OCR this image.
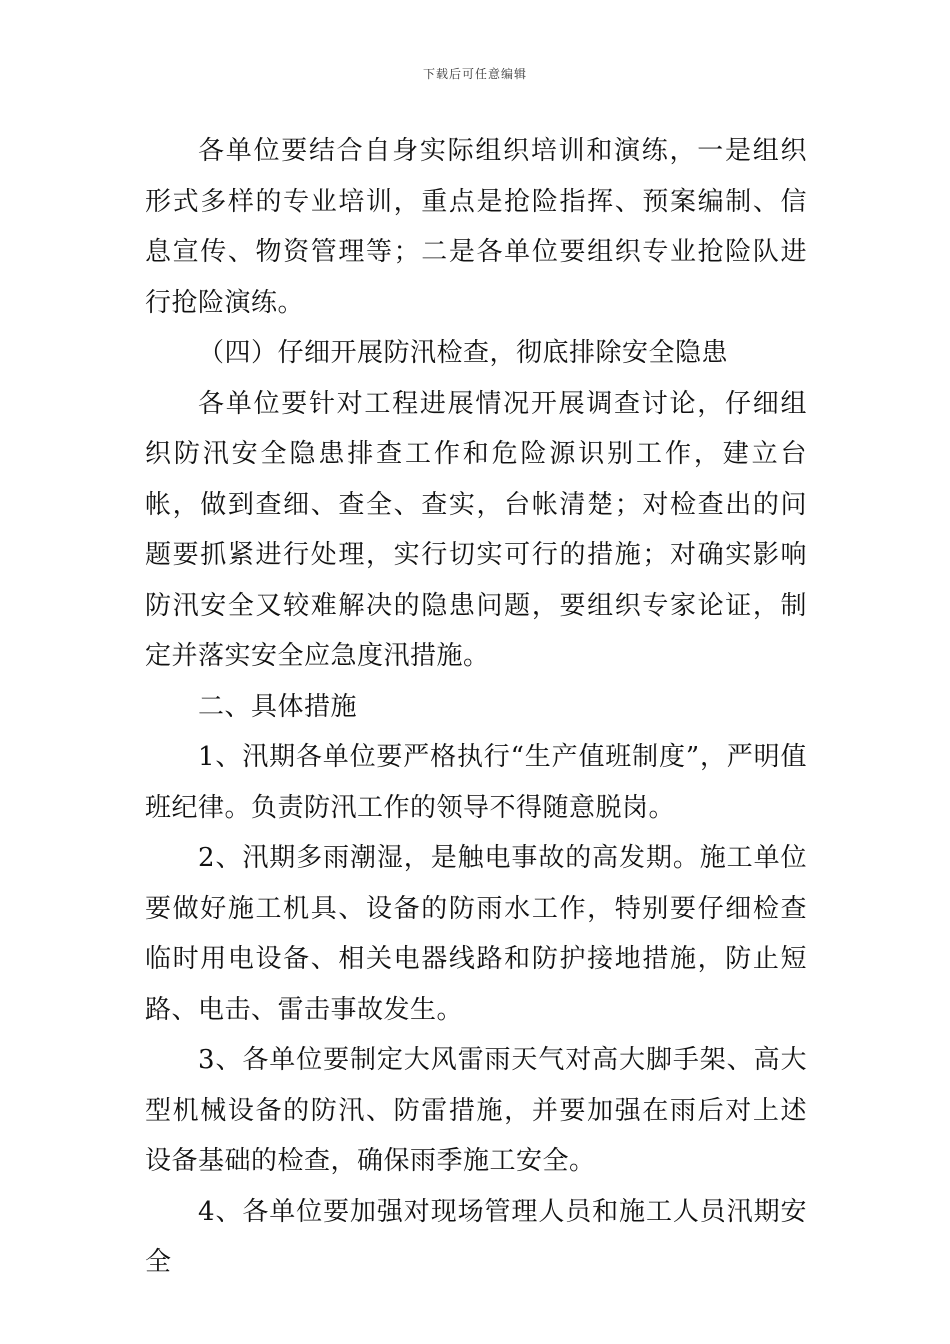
下载后可任意编辑

各单位要结合自身实际组织培训和演练，一是组织形式多样的专业培训，重点是抢险指挥、预案编制、信息宣传、物资管理等；二是各单位要组织专业抢险队进行抢险演练。

（四）仔细开展防汛检查，彻底排除安全隐患

各单位要针对工程进展情况开展调查讨论，仔细组织防汛安全隐患排查工作和危险源识别工作，建立台帐，做到查细、查全、查实，台帐清楚；对检查出的问题要抓紧进行处理，实行切实可行的措施；对确实影响防汛安全又较难解决的隐患问题，要组织专家论证，制定并落实安全应急度汛措施。

二、具体措施

1、汛期各单位要严格执行“生产值班制度”，严明值班纪律。负责防汛工作的领导不得随意脱岗。

2、汛期多雨潮湿，是触电事故的高发期。施工单位要做好施工机具、设备的防雨水工作，特别要仔细检查临时用电设备、相关电器线路和防护接地措施，防止短路、电击、雷击事故发生。

3、各单位要制定大风雷雨天气对高大脚手架、高大型机械设备的防汛、防雷措施，并要加强在雨后对上述设备基础的检查，确保雨季施工安全。

4、各单位要加强对现场管理人员和施工人员汛期安全
